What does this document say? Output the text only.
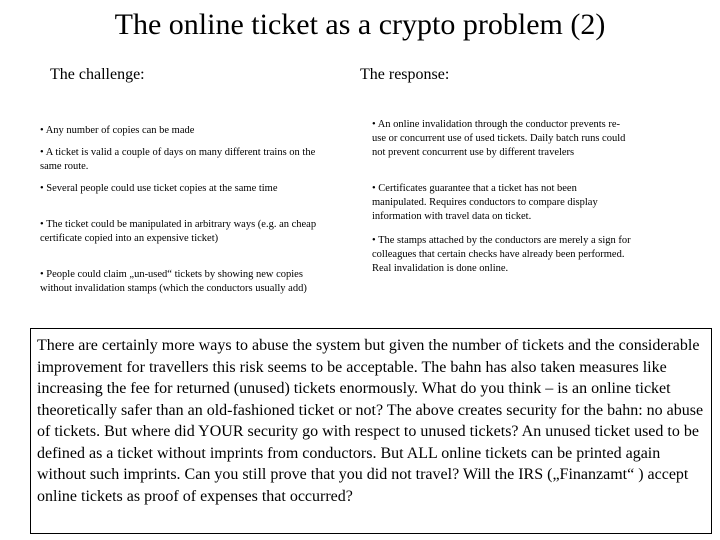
The online ticket as a crypto problem (2)
The challenge:	The response:

• Any number of copies can be made

• A ticket is valid a couple of days on many different trains on the same route.

• Several people could use ticket copies at the same time

• The ticket could be manipulated in arbitrary ways (e.g. an cheap certificate copied into an expensive ticket)

• People could claim „un-used“ tickets by showing new copies without invalidation stamps (which the conductors usually add)

• An online invalidation through the conductor prevents re-use or concurrent use of used tickets. Daily batch runs could not prevent concurrent use by different travelers

• Certificates guarantee that a ticket has not been manipulated. Requires conductors to compare display information with travel data on ticket.

• The stamps attached by the conductors are merely a sign for colleagues that certain checks have already been performed. Real invalidation is done online.

There are certainly more ways to abuse the system but given the number of tickets and the considerable improvement for travellers this risk seems to be acceptable. The bahn has also taken measures like increasing the fee for returned (unused) tickets enormously. What do you think – is an online ticket theoretically safer than an old-fashioned ticket or not? The above creates security for the bahn: no abuse of tickets. But where did YOUR security go with respect to unused tickets? An unused ticket used to be defined as a ticket without imprints from conductors. But ALL online tickets can be printed again without such imprints. Can you still prove that you did not travel? Will the IRS („Finanzamt“ ) accept online tickets as proof of expenses that occurred?
